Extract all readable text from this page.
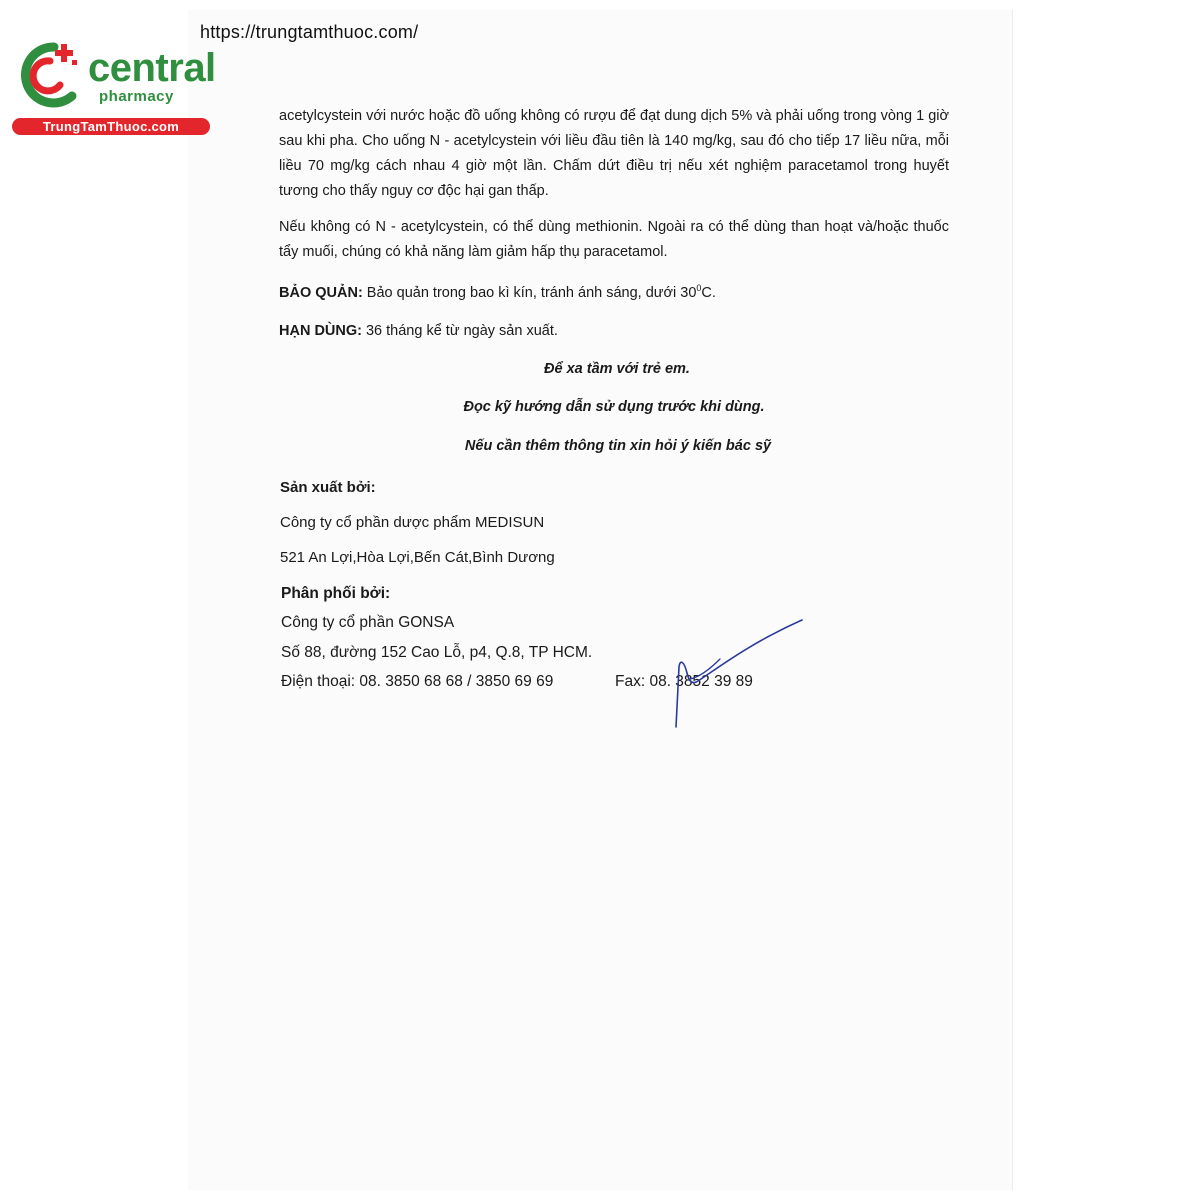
https://trungtamthuoc.com/
central
pharmacy
TrungTamThuoc.com

acetylcystein với nước hoặc đồ uống không có rượu để đạt dung dịch 5% và phải uống trong vòng 1 giờ sau khi pha. Cho uống N - acetylcystein với liều đầu tiên là 140 mg/kg, sau đó cho tiếp 17 liều nữa, mỗi liều 70 mg/kg cách nhau 4 giờ một lần. Chấm dứt điều trị nếu xét nghiệm paracetamol trong huyết tương cho thấy nguy cơ độc hại gan thấp.

Nếu không có N - acetylcystein, có thể dùng methionin. Ngoài ra có thể dùng than hoạt và/hoặc thuốc tẩy muối, chúng có khả năng làm giảm hấp thụ paracetamol.

BẢO QUẢN: Bảo quản trong bao kì kín, tránh ánh sáng, dưới $30^0C$.
HẠN DÙNG: 36 tháng kể từ ngày sản xuất.
Để xa tầm với trẻ em.
Đọc kỹ hướng dẫn sử dụng trước khi dùng.
Nếu cần thêm thông tin xin hỏi ý kiến bác sỹ
Sản xuất bởi:
Công ty cổ phần dược phẩm MEDISUN
521 An Lợi,Hòa Lợi,Bến Cát,Bình Dương
Phân phối bởi:
Công ty cổ phần GONSA
Số 88, đường 152 Cao Lỗ, p4, Q.8, TP HCM.
Điện thoại: 08. 3850 68 68 / 3850 69 69	Fax: 08. 3852 39 89
